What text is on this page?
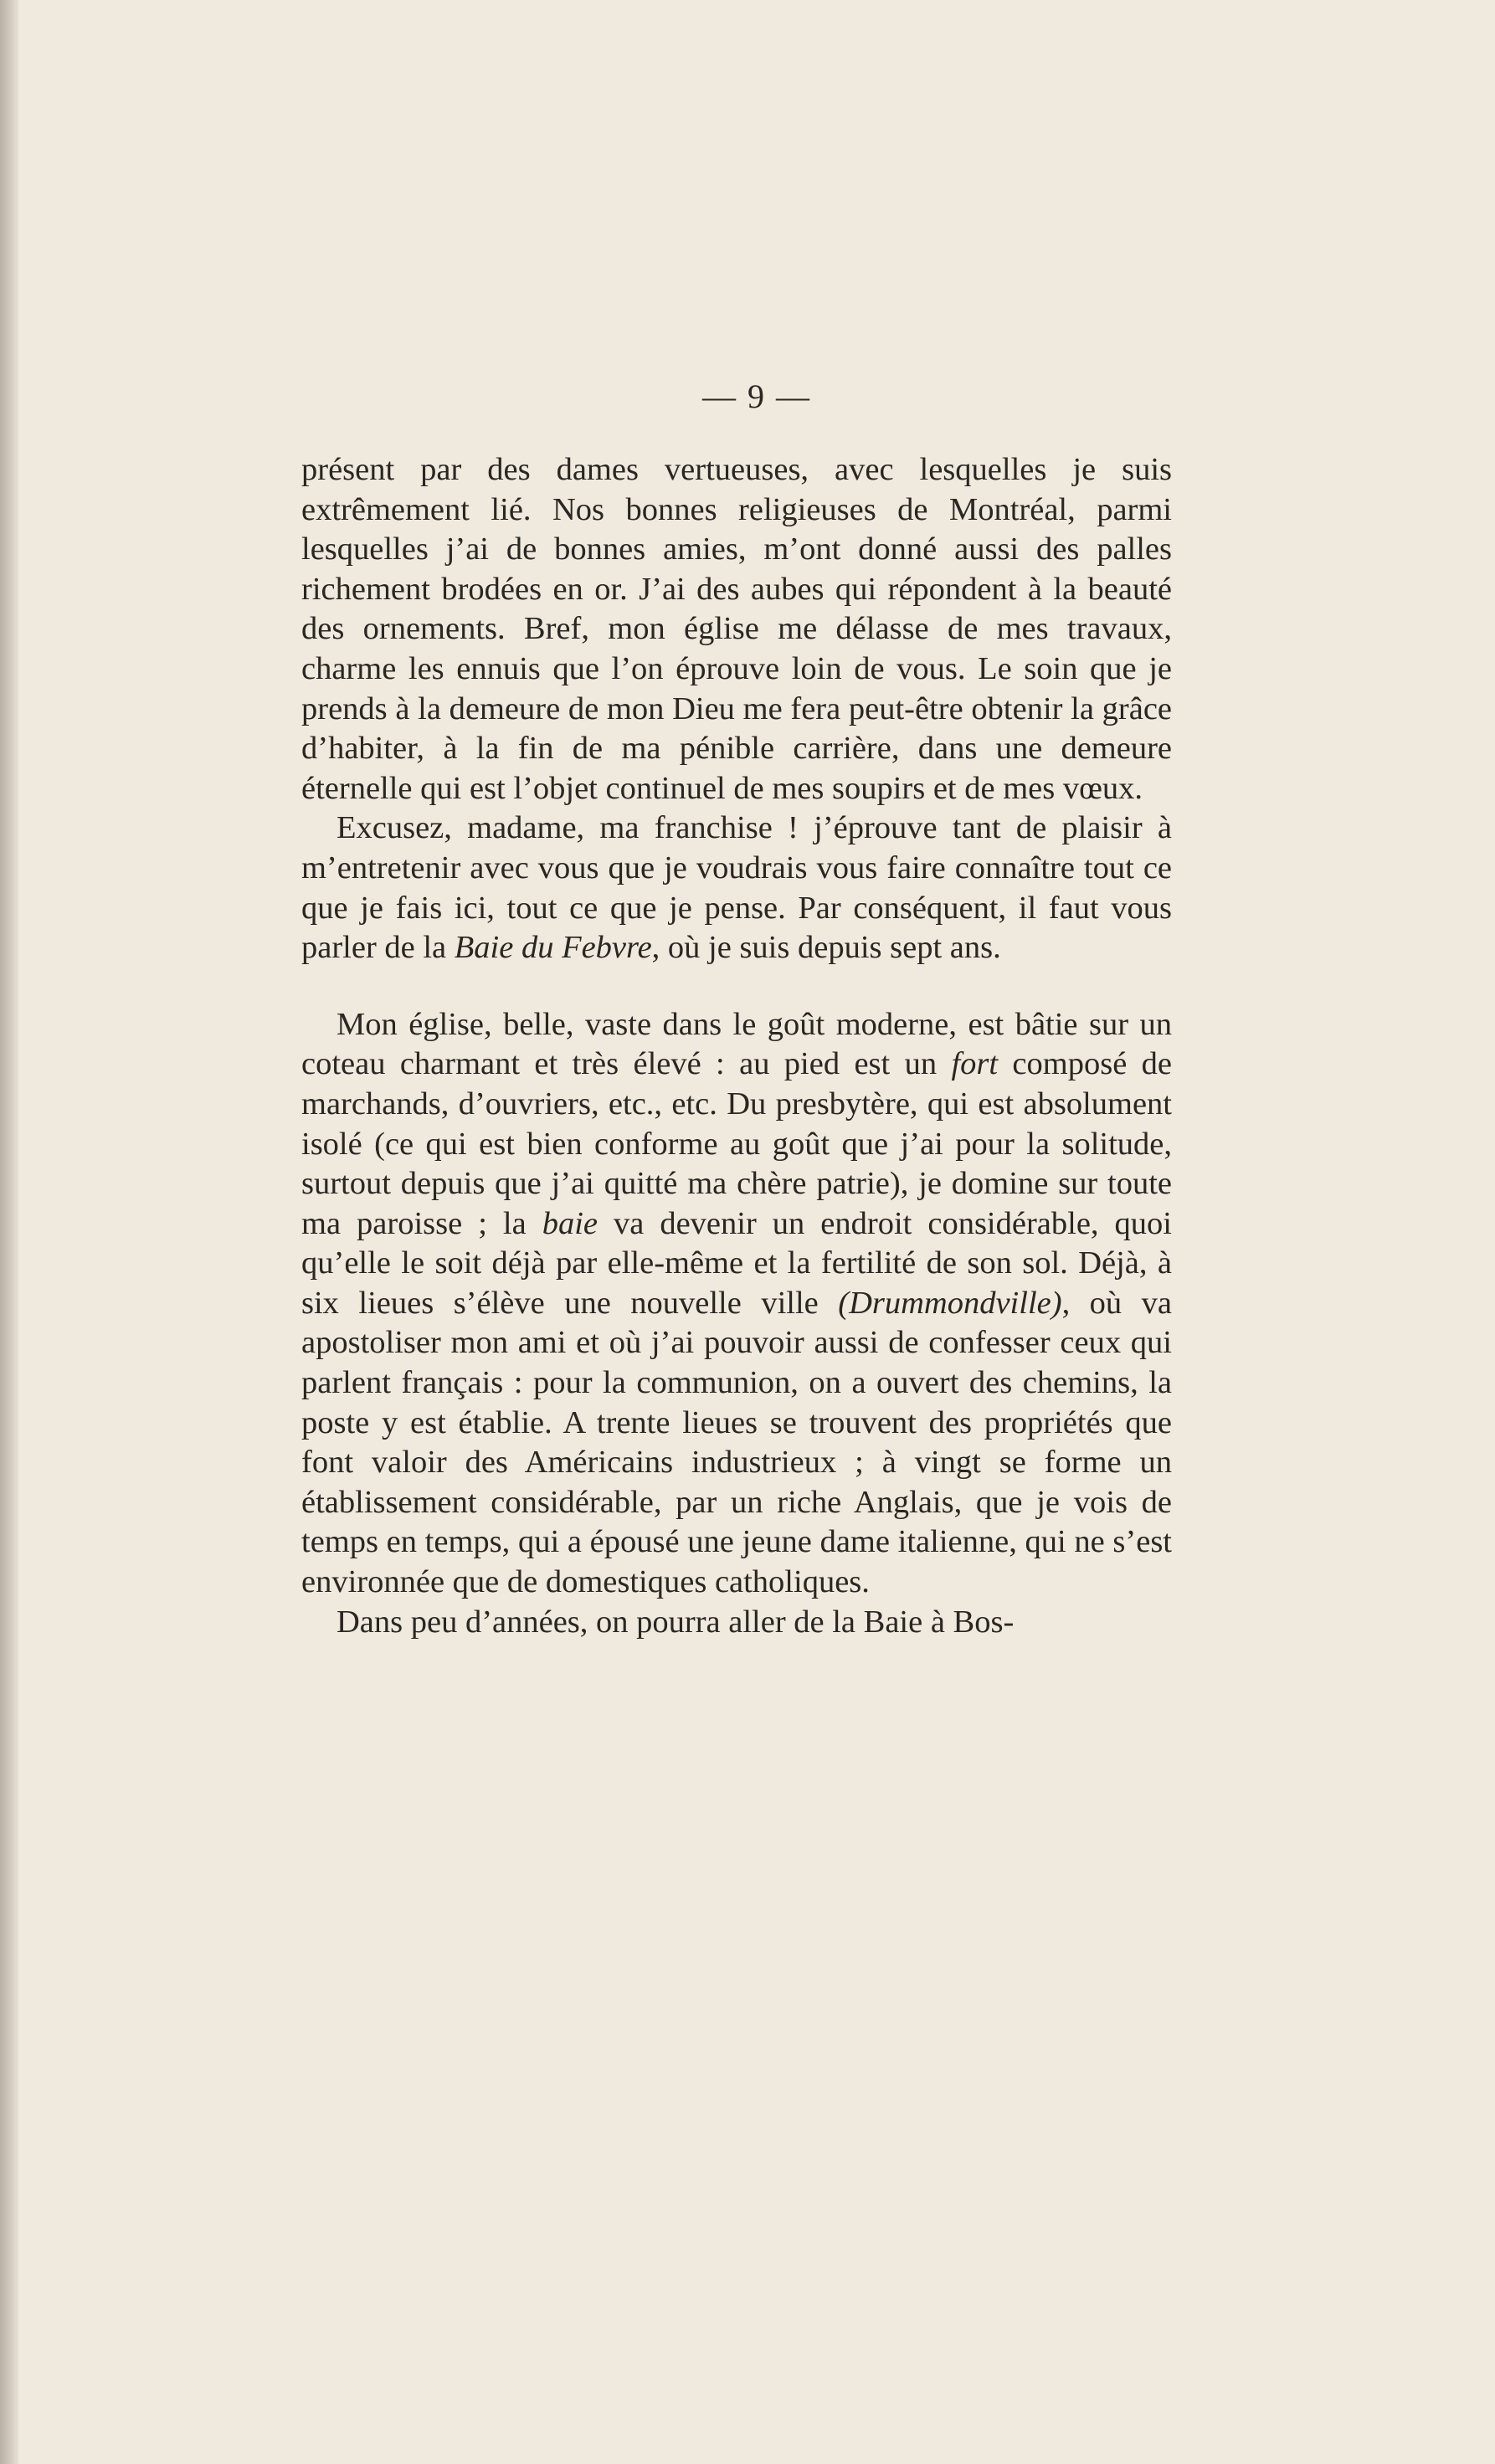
— 9 —

présent par des dames vertueuses, avec lesquelles je suis extrêmement lié. Nos bonnes religieuses de Montréal, parmi lesquelles j’ai de bonnes amies, m’ont donné aussi des palles richement brodées en or. J’ai des aubes qui répondent à la beauté des ornements. Bref, mon église me délasse de mes travaux, charme les ennuis que l’on éprouve loin de vous. Le soin que je prends à la demeure de mon Dieu me fera peut-être obtenir la grâce d’habiter, à la fin de ma pénible carrière, dans une demeure éternelle qui est l’objet continuel de mes soupirs et de mes vœux.

Excusez, madame, ma franchise ! j’éprouve tant de plaisir à m’entretenir avec vous que je voudrais vous faire connaître tout ce que je fais ici, tout ce que je pense. Par conséquent, il faut vous parler de la Baie du Febvre, où je suis depuis sept ans.

Mon église, belle, vaste dans le goût moderne, est bâtie sur un coteau charmant et très élevé : au pied est un fort composé de marchands, d’ouvriers, etc., etc. Du presbytère, qui est absolument isolé (ce qui est bien conforme au goût que j’ai pour la solitude, surtout depuis que j’ai quitté ma chère patrie), je domine sur toute ma paroisse ; la baie va devenir un endroit considérable, quoi qu’elle le soit déjà par elle-même et la fertilité de son sol. Déjà, à six lieues s’élève une nouvelle ville (Drummondville), où va apostoliser mon ami et où j’ai pouvoir aussi de confesser ceux qui parlent français : pour la communion, on a ouvert des chemins, la poste y est établie. A trente lieues se trouvent des propriétés que font valoir des Américains industrieux ; à vingt se forme un établissement considérable, par un riche Anglais, que je vois de temps en temps, qui a épousé une jeune dame italienne, qui ne s’est environnée que de domestiques catholiques.

Dans peu d’années, on pourra aller de la Baie à Bos-
